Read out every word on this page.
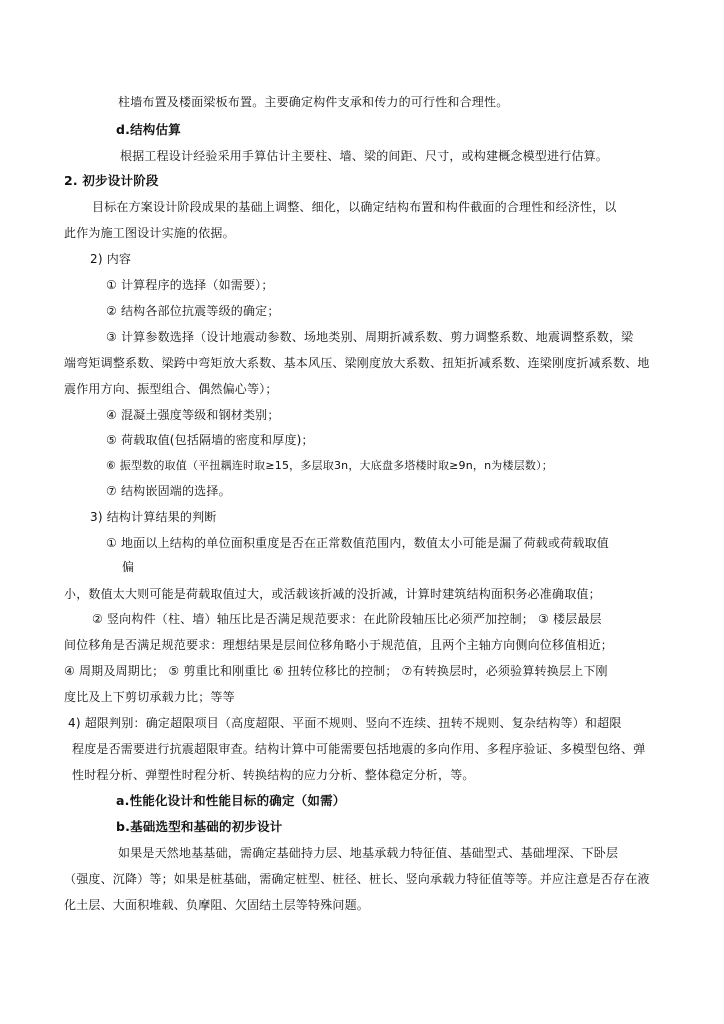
柱墙布置及楼面梁板布置。主要确定构件支承和传力的可行性和合理性。
d.结构估算
根据工程设计经验采用手算估计主要柱、墙、梁的间距、尺寸，或构建概念模型进行估算。
2. 初步设计阶段
目标在方案设计阶段成果的基础上调整、细化，以确定结构布置和构件截面的合理性和经济性，以
此作为施工图设计实施的依据。
2) 内容
① 计算程序的选择（如需要）；
② 结构各部位抗震等级的确定；
③ 计算参数选择（设计地震动参数、场地类别、周期折减系数、剪力调整系数、地震调整系数，梁
端弯矩调整系数、梁跨中弯矩放大系数、基本风压、梁刚度放大系数、扭矩折减系数、连梁刚度折减系数、地
震作用方向、振型组合、偶然偏心等）；
④ 混凝土强度等级和钢材类别；
⑤ 荷载取值(包括隔墙的密度和厚度)；
⑥ 振型数的取值（平扭耦连时取≥15，多层取3n，大底盘多塔楼时取≥9n，n为楼层数）；
⑦ 结构嵌固端的选择。
3) 结构计算结果的判断
① 地面以上结构的单位面积重度是否在正常数值范围内，数值太小可能是漏了荷载或荷载取值
偏
小，数值太大则可能是荷载取值过大，或活载该折减的没折减，计算时建筑结构面积务必准确取值；
② 竖向构件（柱、墙）轴压比是否满足规范要求：在此阶段轴压比必须严加控制； ③ 楼层最层
间位移角是否满足规范要求：理想结果是层间位移角略小于规范值，且两个主轴方向侧向位移值相近；
④ 周期及周期比； ⑤ 剪重比和刚重比 ⑥ 扭转位移比的控制； ⑦有转换层时，必须验算转换层上下刚
度比及上下剪切承载力比；等等
4) 超限判别：确定超限项目（高度超限、平面不规则、竖向不连续、扭转不规则、复杂结构等）和超限
程度是否需要进行抗震超限审查。结构计算中可能需要包括地震的多向作用、多程序验证、多模型包络、弹
性时程分析、弹塑性时程分析、转换结构的应力分析、整体稳定分析，等。
a.性能化设计和性能目标的确定（如需）
b.基础选型和基础的初步设计
如果是天然地基基础，需确定基础持力层、地基承载力特征值、基础型式、基础埋深、下卧层
（强度、沉降）等；如果是桩基础，需确定桩型、桩径、桩长、竖向承载力特征值等等。并应注意是否存在液
化土层、大面积堆载、负摩阻、欠固结土层等特殊问题。
